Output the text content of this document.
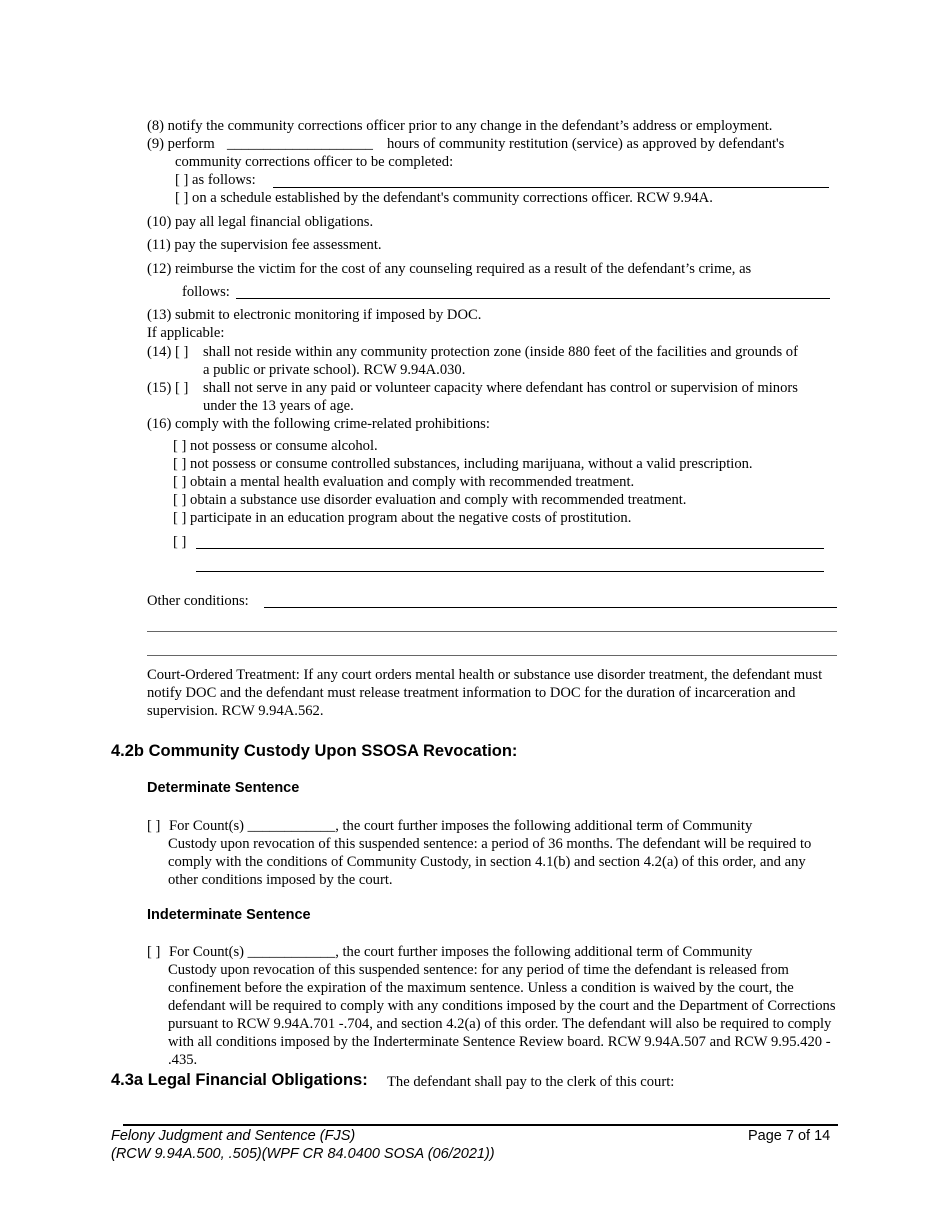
(8) notify the community corrections officer prior to any change in the defendant’s address or employment.
(9) perform ____________________ hours of community restitution (service) as approved by defendant's
community corrections officer to be completed:
[ ] as follows:
[ ] on a schedule established by the defendant's community corrections officer. RCW 9.94A.
(10) pay all legal financial obligations.
(11) pay the supervision fee assessment.
(12) reimburse the victim for the cost of any counseling required as a result of the defendant’s crime, as
follows:
(13) submit to electronic monitoring if imposed by DOC.
If applicable:
(14) [ ] shall not reside within any community protection zone (inside 880 feet of the facilities and grounds of
a public or private school). RCW 9.94A.030.
(15) [ ] shall not serve in any paid or volunteer capacity where defendant has control or supervision of minors
under the 13 years of age.
(16) comply with the following crime-related prohibitions:
[ ] not possess or consume alcohol.
[ ] not possess or consume controlled substances, including marijuana, without a valid prescription.
[ ] obtain a mental health evaluation and comply with recommended treatment.
[ ] obtain a substance use disorder evaluation and comply with recommended treatment.
[ ] participate in an education program about the negative costs of prostitution.
[ ]
Other conditions:
Court-Ordered Treatment: If any court orders mental health or substance use disorder treatment, the defendant must notify DOC and the defendant must release treatment information to DOC for the duration of incarceration and supervision. RCW 9.94A.562.
4.2b Community Custody Upon SSOSA Revocation:
Determinate Sentence
[ ] For Count(s) ____________, the court further imposes the following additional term of Community
Custody upon revocation of this suspended sentence: a period of 36 months. The defendant will be required to comply with the conditions of Community Custody, in section 4.1(b) and section 4.2(a) of this order, and any other conditions imposed by the court.
Indeterminate Sentence
[ ] For Count(s) ____________, the court further imposes the following additional term of Community
Custody upon revocation of this suspended sentence: for any period of time the defendant is released from confinement before the expiration of the maximum sentence. Unless a condition is waived by the court, the defendant will be required to comply with any conditions imposed by the court and the Department of Corrections pursuant to RCW 9.94A.701 -.704, and section 4.2(a) of this order. The defendant will also be required to comply with all conditions imposed by the Inderterminate Sentence Review board. RCW 9.94A.507 and RCW 9.95.420 - .435.
4.3a Legal Financial Obligations: The defendant shall pay to the clerk of this court:
Felony Judgment and Sentence (FJS)
(RCW 9.94A.500, .505)(WPF CR 84.0400 SOSA (06/2021))
Page 7 of 14
